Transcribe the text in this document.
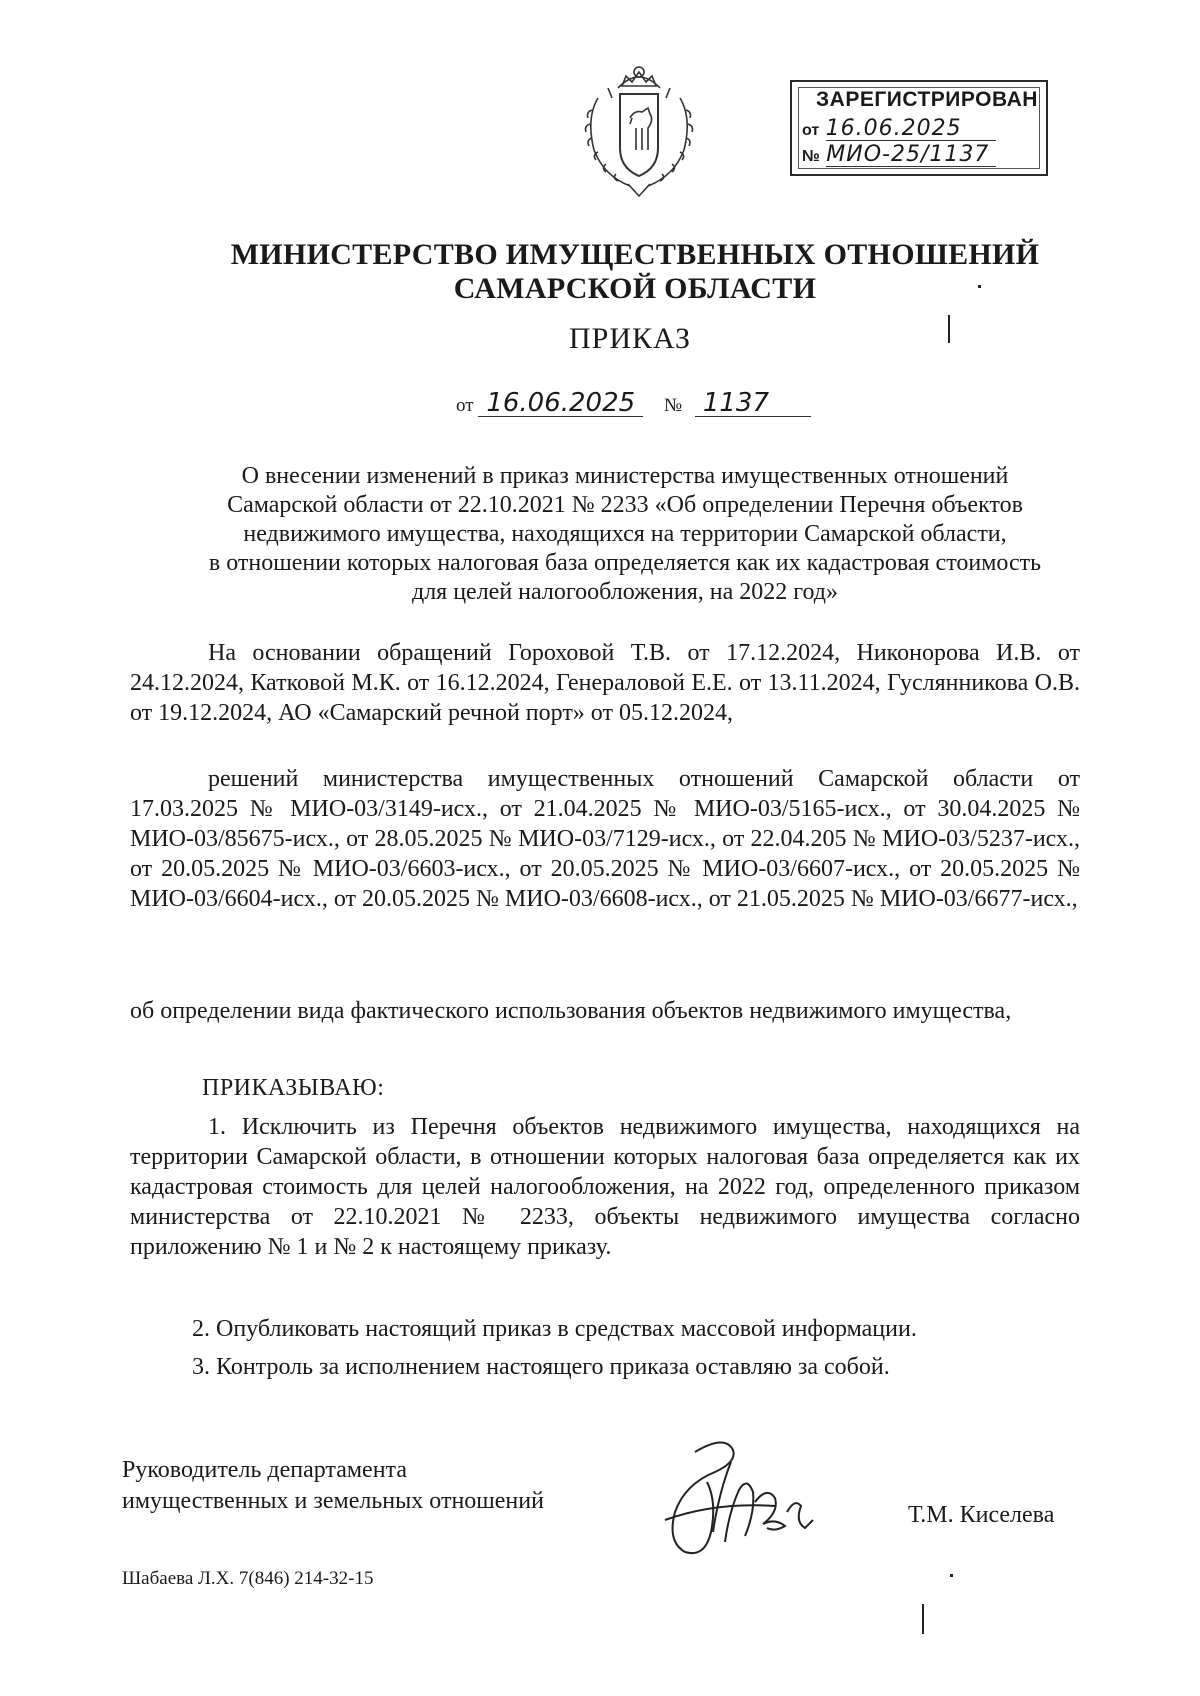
ЗАРЕГИСТРИРОВАН
от 16.06.2025
№ МИО-25/1137
МИНИСТЕРСТВО ИМУЩЕСТВЕННЫХ ОТНОШЕНИЙ
САМАРСКОЙ ОБЛАСТИ
ПРИКАЗ
от 16.06.2025 № 1137
О внесении изменений в приказ министерства имущественных отношений
Самарской области от 22.10.2021 № 2233 «Об определении Перечня объектов
недвижимого имущества, находящихся на территории Самарской области,
в отношении которых налоговая база определяется как их кадастровая стоимость
для целей налогообложения, на 2022 год»
На основании обращений Гороховой Т.В. от 17.12.2024, Никонорова И.В. от 24.12.2024, Катковой М.К. от 16.12.2024, Генераловой Е.Е. от 13.11.2024, Гуслянникова О.В. от 19.12.2024, АО «Самарский речной порт» от 05.12.2024,
решений министерства имущественных отношений Самарской области от 17.03.2025 № МИО-03/3149-исх., от 21.04.2025 № МИО-03/5165-исх., от 30.04.2025 № МИО-03/85675-исх., от 28.05.2025 № МИО-03/7129-исх., от 22.04.205 № МИО-03/5237-исх., от 20.05.2025 № МИО-03/6603-исх., от 20.05.2025 № МИО-03/6607-исх., от 20.05.2025 № МИО-03/6604-исх., от 20.05.2025 № МИО-03/6608-исх., от 21.05.2025 № МИО-03/6677-исх.,
об определении вида фактического использования объектов недвижимого имущества,
ПРИКАЗЫВАЮ:
1. Исключить из Перечня объектов недвижимого имущества, находящихся на территории Самарской области, в отношении которых налоговая база определяется как их кадастровая стоимость для целей налогообложения, на 2022 год, определенного приказом министерства от 22.10.2021 № 2233, объекты недвижимого имущества согласно приложению № 1 и № 2 к настоящему приказу.
2. Опубликовать настоящий приказ в средствах массовой информации.
3. Контроль за исполнением настоящего приказа оставляю за собой.
Руководитель департамента
имущественных и земельных отношений
Т.М. Киселева
Шабаева Л.Х. 7(846) 214-32-15
